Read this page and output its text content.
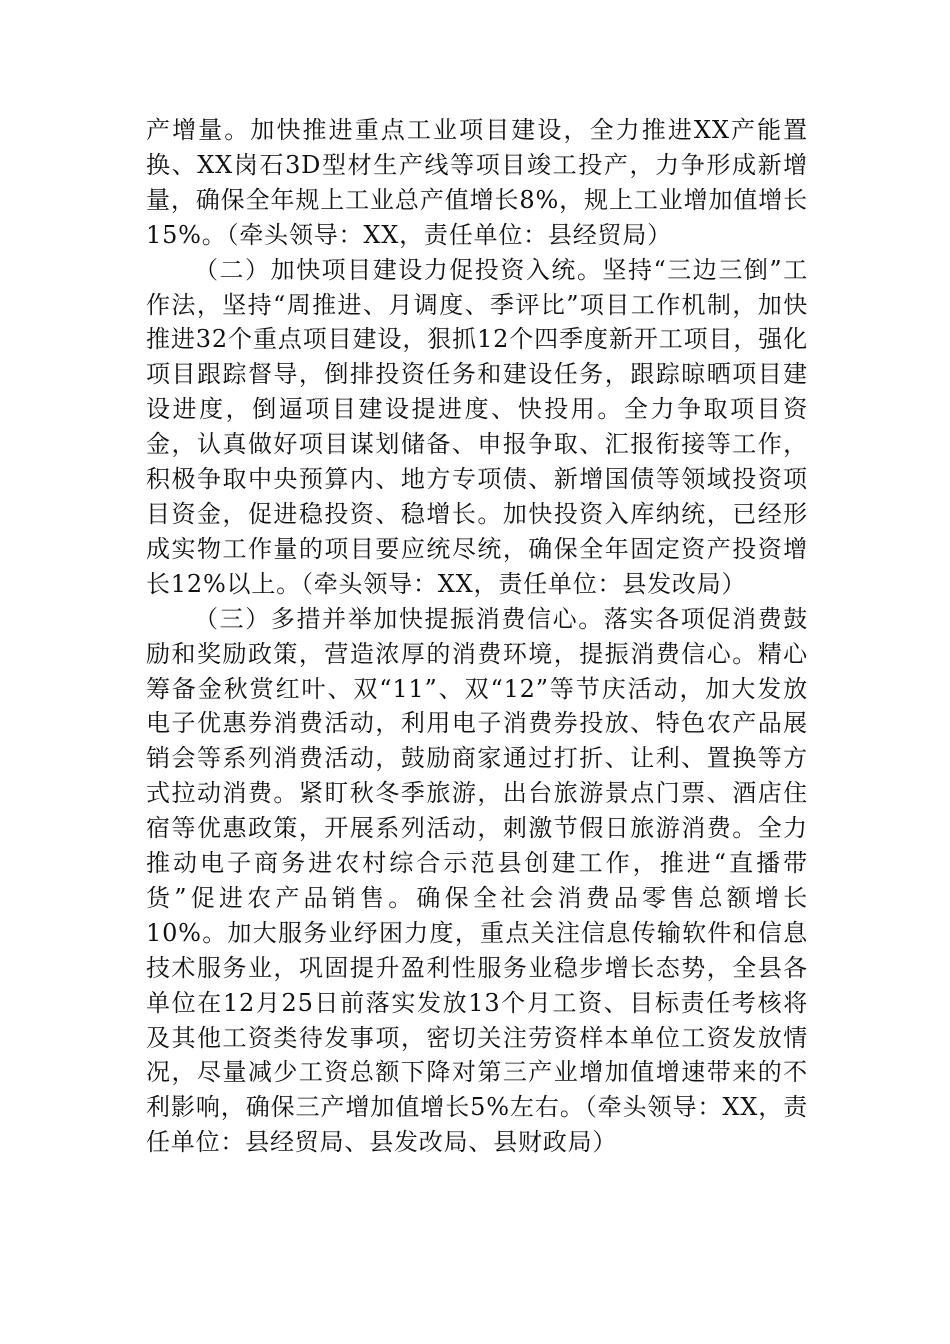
产增量。加快推进重点工业项目建设，全力推进XX产能置换、XX岗石3D型材生产线等项目竣工投产，力争形成新增量，确保全年规上工业总产值增长8%，规上工业增加值增长15%。（牵头领导：XX，责任单位：县经贸局）

（二）加快项目建设力促投资入统。坚持“三边三倒”工作法，坚持“周推进、月调度、季评比”项目工作机制，加快推进32个重点项目建设，狠抓12个四季度新开工项目，强化项目跟踪督导，倒排投资任务和建设任务，跟踪晾晒项目建设进度，倒逼项目建设提进度、快投用。全力争取项目资金，认真做好项目谋划储备、申报争取、汇报衔接等工作，积极争取中央预算内、地方专项债、新增国债等领域投资项目资金，促进稳投资、稳增长。加快投资入库纳统，已经形成实物工作量的项目要应统尽统，确保全年固定资产投资增长12%以上。（牵头领导：XX，责任单位：县发改局）

（三）多措并举加快提振消费信心。落实各项促消费鼓励和奖励政策，营造浓厚的消费环境，提振消费信心。精心筹备金秋赏红叶、双“11”、双“12”等节庆活动，加大发放电子优惠券消费活动，利用电子消费券投放、特色农产品展销会等系列消费活动，鼓励商家通过打折、让利、置换等方式拉动消费。紧盯秋冬季旅游，出台旅游景点门票、酒店住宿等优惠政策，开展系列活动，刺激节假日旅游消费。全力推动电子商务进农村综合示范县创建工作，推进“直播带货”促进农产品销售。确保全社会消费品零售总额增长10%。加大服务业纾困力度，重点关注信息传输软件和信息技术服务业，巩固提升盈利性服务业稳步增长态势，全县各单位在12月25日前落实发放13个月工资、目标责任考核将及其他工资类待发事项，密切关注劳资样本单位工资发放情况，尽量减少工资总额下降对第三产业增加值增速带来的不利影响，确保三产增加值增长5%左右。（牵头领导：XX，责任单位：县经贸局、县发改局、县财政局）
